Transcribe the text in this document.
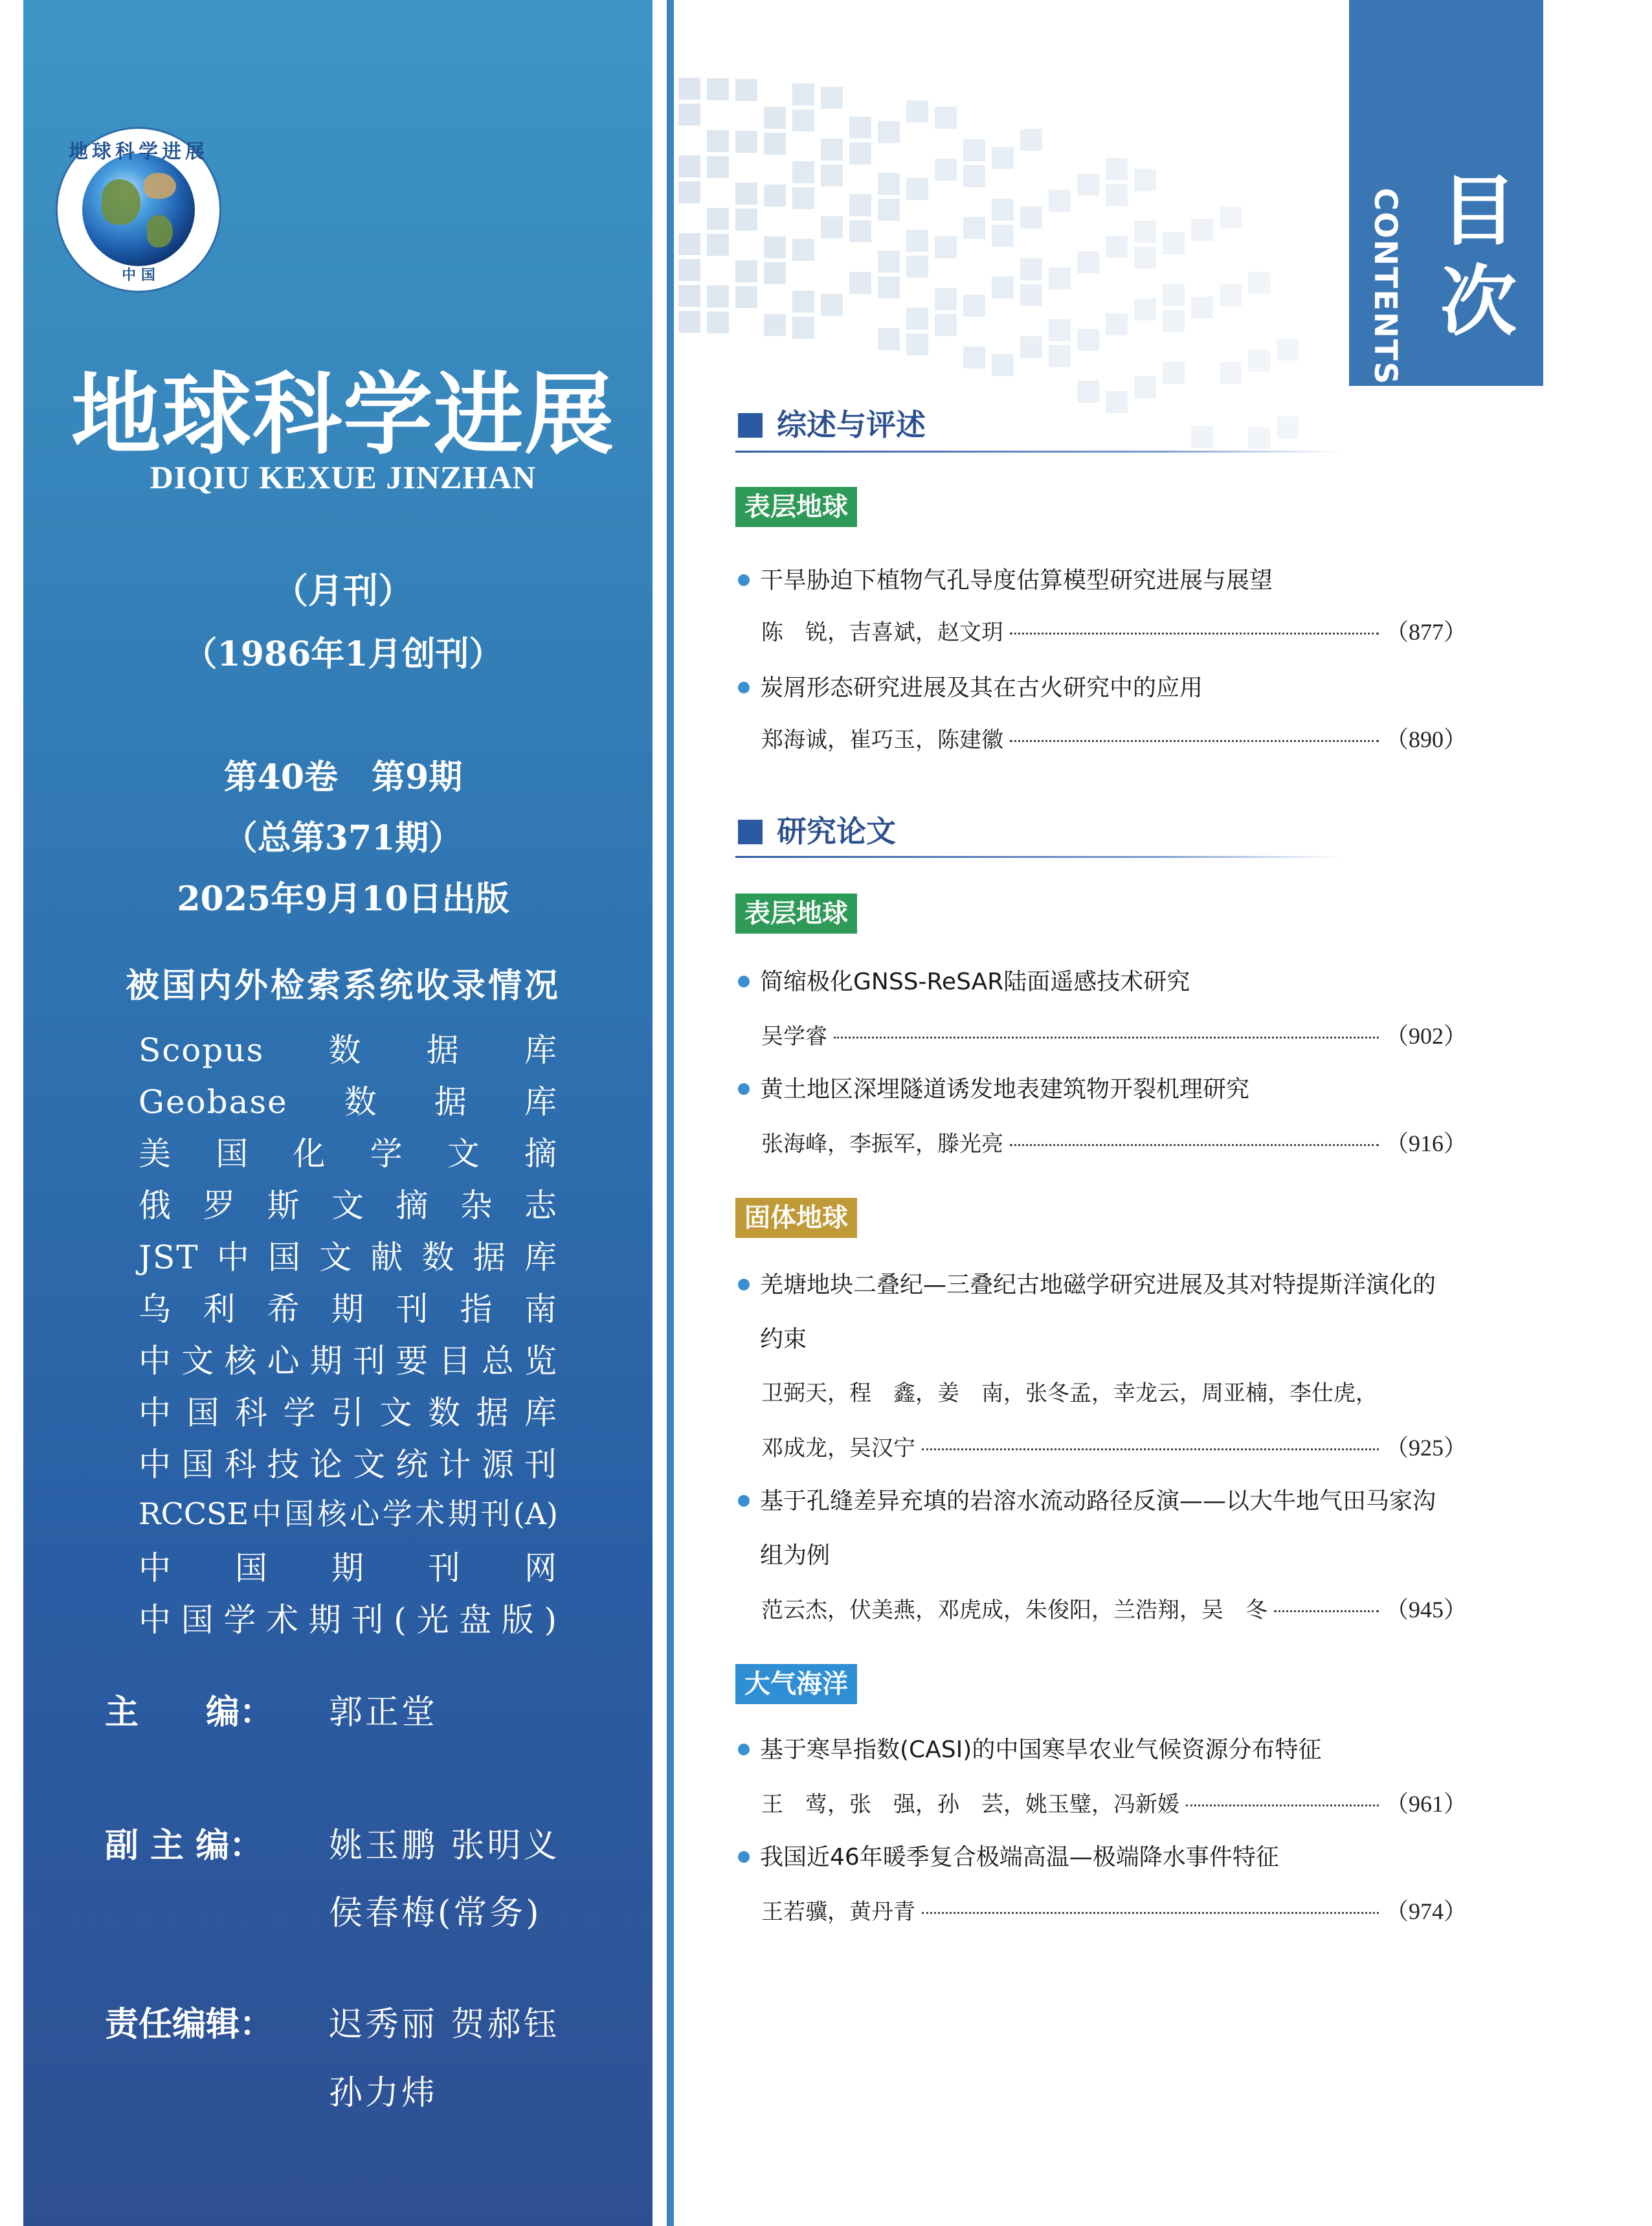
地球科学进展
中 国
地球科学进展
DIQIU KEXUE JINZHAN
（月刊）
（1986年1月创刊）
第40卷　第9期
（总第371期）
2025年9月10日出版
被国内外检索系统收录情况
Scopus数据库
Geobase数据库
美国化学文摘
俄罗斯文摘杂志
JST中国文献数据库
乌利希期刊指南
中文核心期刊要目总览
中国科学引文数据库
中国科技论文统计源刊
RCCSE中国核心学术期刊(A)
中国期刊网
中国学术期刊(光盘版)
主　　编： 郭正堂
副 主 编： 姚玉鹏 张明义
侯春梅(常务)
责任编辑： 迟秀丽 贺郝钰
孙力炜
CONTENTS 目次
综述与评述
表层地球
干旱胁迫下植物气孔导度估算模型研究进展与展望
陈　锐，吉喜斌，赵文玥	（877）
炭屑形态研究进展及其在古火研究中的应用
郑海诚，崔巧玉，陈建徽	（890）
研究论文
表层地球
简缩极化GNSS-ReSAR陆面遥感技术研究
吴学睿	（902）
黄土地区深埋隧道诱发地表建筑物开裂机理研究
张海峰，李振军，滕光亮	（916）
固体地球
羌塘地块二叠纪—三叠纪古地磁学研究进展及其对特提斯洋演化的
约束
卫弼天，程　鑫，姜　南，张冬孟，幸龙云，周亚楠，李仕虎，
邓成龙，吴汉宁	（925）
基于孔缝差异充填的岩溶水流动路径反演——以大牛地气田马家沟
组为例
范云杰，伏美燕，邓虎成，朱俊阳，兰浩翔，吴　冬	（945）
大气海洋
基于寒旱指数(CASI)的中国寒旱农业气候资源分布特征
王　莺，张　强，孙　芸，姚玉璧，冯新媛	（961）
我国近46年暖季复合极端高温—极端降水事件特征
王若骥，黄丹青	（974）
